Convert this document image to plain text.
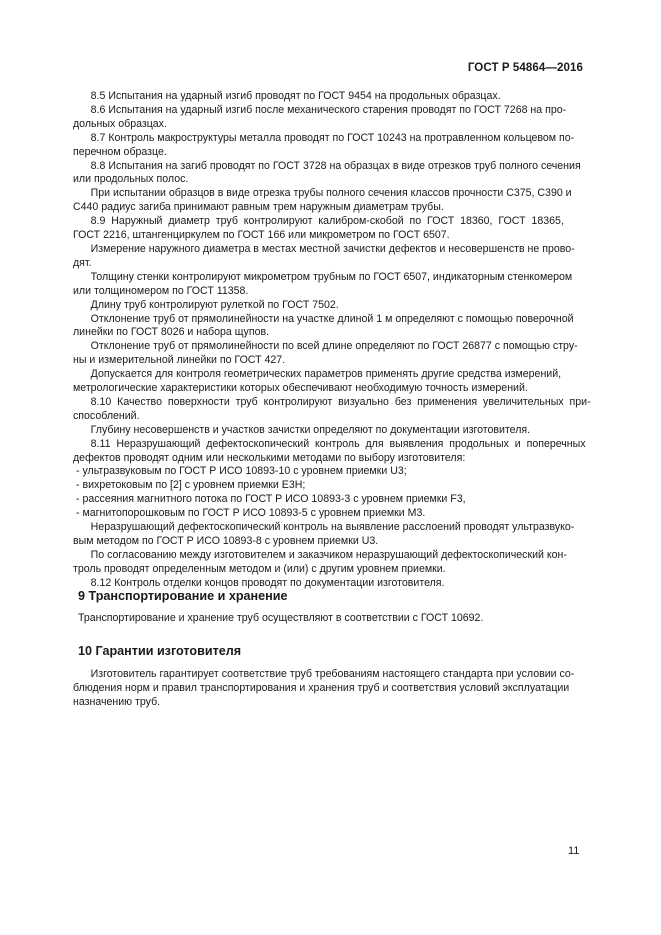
ГОСТ Р 54864—2016

8.5 Испытания на ударный изгиб проводят по ГОСТ 9454 на продольных образцах.

8.6 Испытания на ударный изгиб после механического старения проводят по ГОСТ 7268 на про-
дольных образцах.

8.7 Контроль макроструктуры металла проводят по ГОСТ 10243 на протравленном кольцевом по-
перечном образце.

8.8 Испытания на загиб проводят по ГОСТ 3728 на образцах в виде отрезков труб полного сечения
или продольных полос.

При испытании образцов в виде отрезка трубы полного сечения классов прочности С375, С390 и
С440 радиус загиба принимают равным трем наружным диаметрам трубы.

8.9  Наружный  диаметр  труб  контролируют  калибром-скобой  по  ГОСТ  18360,  ГОСТ  18365,
ГОСТ 2216, штангенциркулем по ГОСТ 166 или микрометром по ГОСТ 6507.

Измерение наружного диаметра в местах местной зачистки дефектов и несовершенств не прово-
дят.

Толщину стенки контролируют микрометром трубным по ГОСТ 6507, индикаторным стенкомером
или толщиномером по ГОСТ 11358.

Длину труб контролируют рулеткой по ГОСТ 7502.

Отклонение труб от прямолинейности на участке длиной 1 м определяют с помощью поверочной
линейки по ГОСТ 8026 и набора щупов.

Отклонение труб от прямолинейности по всей длине определяют по ГОСТ 26877 с помощью стру-
ны и измерительной линейки по ГОСТ 427.

Допускается для контроля геометрических параметров применять другие средства измерений,
метрологические характеристики которых обеспечивают необходимую точность измерений.

8.10  Качество  поверхности  труб  контролируют  визуально  без  применения  увеличительных  при-
способлений.

Глубину несовершенств и участков зачистки определяют по документации изготовителя.

8.11  Неразрушающий  дефектоскопический  контроль  для  выявления  продольных  и  поперечных
дефектов проводят одним или несколькими методами по выбору изготовителя:

- ультразвуковым по ГОСТ Р ИСО 10893-10 с уровнем приемки U3;

- вихретоковым по [2] с уровнем приемки Е3Н;

- рассеяния магнитного потока по ГОСТ Р ИСО 10893-3 с уровнем приемки F3,

- магнитопорошковым по ГОСТ Р ИСО 10893-5 с уровнем приемки М3.

Неразрушающий дефектоскопический контроль на выявление расслоений проводят ультразвуко-
вым методом по ГОСТ Р ИСО 10893-8 с уровнем приемки U3.

По согласованию между изготовителем и заказчиком неразрушающий дефектоскопический кон-
троль проводят определенным методом и (или) с другим уровнем приемки.

8.12 Контроль отделки концов проводят по документации изготовителя.

9 Транспортирование и хранение
Транспортирование и хранение труб осуществляют в соответствии с ГОСТ 10692.
10 Гарантии изготовителя
Изготовитель гарантирует соответствие труб требованиям настоящего стандарта при условии со-
блюдения норм и правил транспортирования и хранения труб и соответствия условий эксплуатации
назначению труб.
11
